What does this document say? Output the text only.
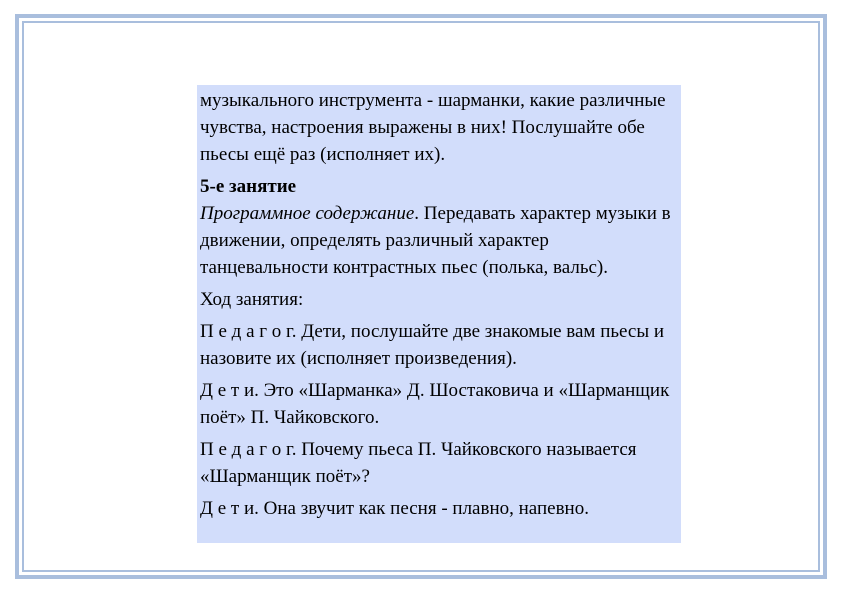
музыкального инструмента - шарманки, какие различные чувства, настроения выражены в них! Послушайте обе пьесы ещё раз (исполняет их).

5-е занятие

Программное содержание. Передавать характер музыки в движении, определять различный характер танцевальности контрастных пьес (полька, вальс).

Ход занятия:

П е д а г о г. Дети, послушайте две знакомые вам пьесы и назовите их (исполняет произведения).

Д е т и. Это «Шарманка» Д. Шостаковича и «Шарманщик поёт» П. Чайковского.

П е д а г о г. Почему пьеса П. Чайковского называется «Шарманщик поёт»?

Д е т и. Она звучит как песня - плавно, напевно.
